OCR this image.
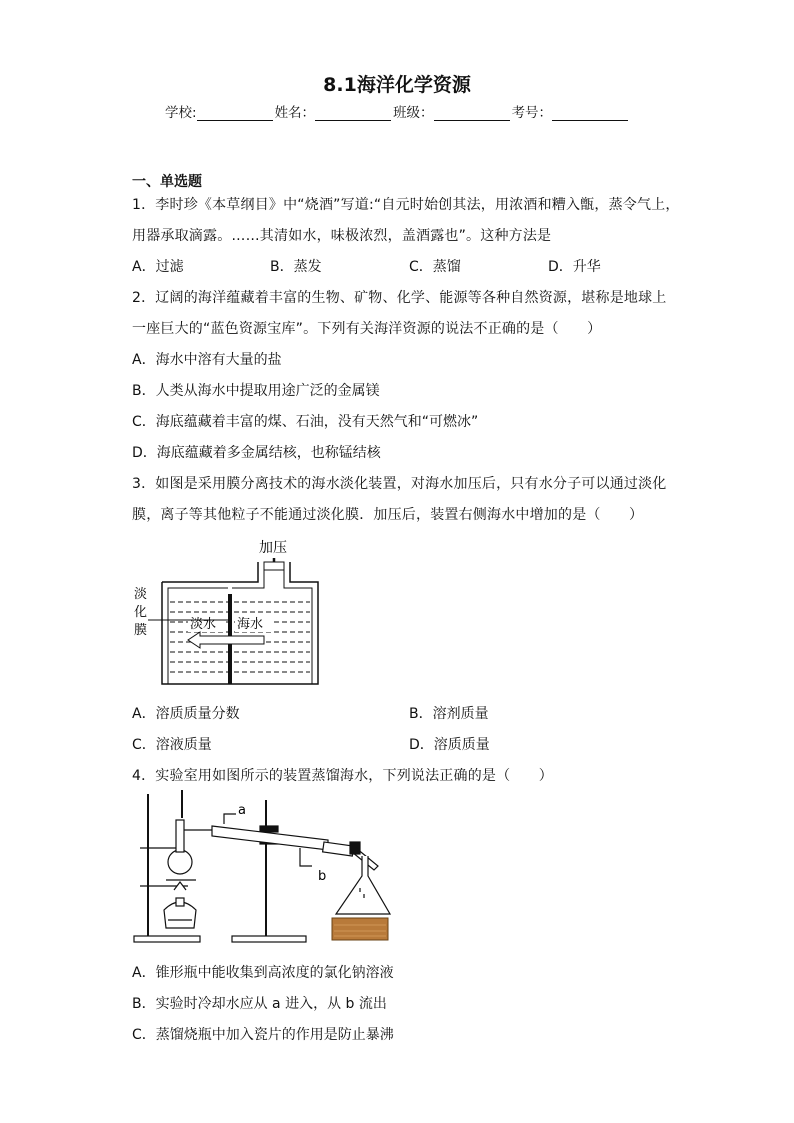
8.1海洋化学资源
学校:	姓名：	班级：	考号：
一、单选题
1．李时珍《本草纲目》中“烧酒”写道:“自元时始创其法，用浓酒和糟入甑，蒸令气上，
用器承取滴露。……其清如水，味极浓烈，盖酒露也”。这种方法是
A．过滤	B．蒸发	C．蒸馏	D．升华
2．辽阔的海洋蕴藏着丰富的生物、矿物、化学、能源等各种自然资源，堪称是地球上
一座巨大的“蓝色资源宝库”。下列有关海洋资源的说法不正确的是（　　）
A．海水中溶有大量的盐
B．人类从海水中提取用途广泛的金属镁
C．海底蕴藏着丰富的煤、石油，没有天然气和“可燃冰”
D．海底蕴藏着多金属结核，也称锰结核
3．如图是采用膜分离技术的海水淡化装置，对海水加压后，只有水分子可以通过淡化
膜，离子等其他粒子不能通过淡化膜．加压后，装置右侧海水中增加的是（　　）
加压
淡水 海水
淡
化
膜
A．溶质质量分数	B．溶剂质量
C．溶液质量	D．溶质质量
4．实验室用如图所示的装置蒸馏海水，下列说法正确的是（　　）
a
b
A．锥形瓶中能收集到高浓度的氯化钠溶液
B．实验时冷却水应从 a 进入，从 b 流出
C．蒸馏烧瓶中加入瓷片的作用是防止暴沸
